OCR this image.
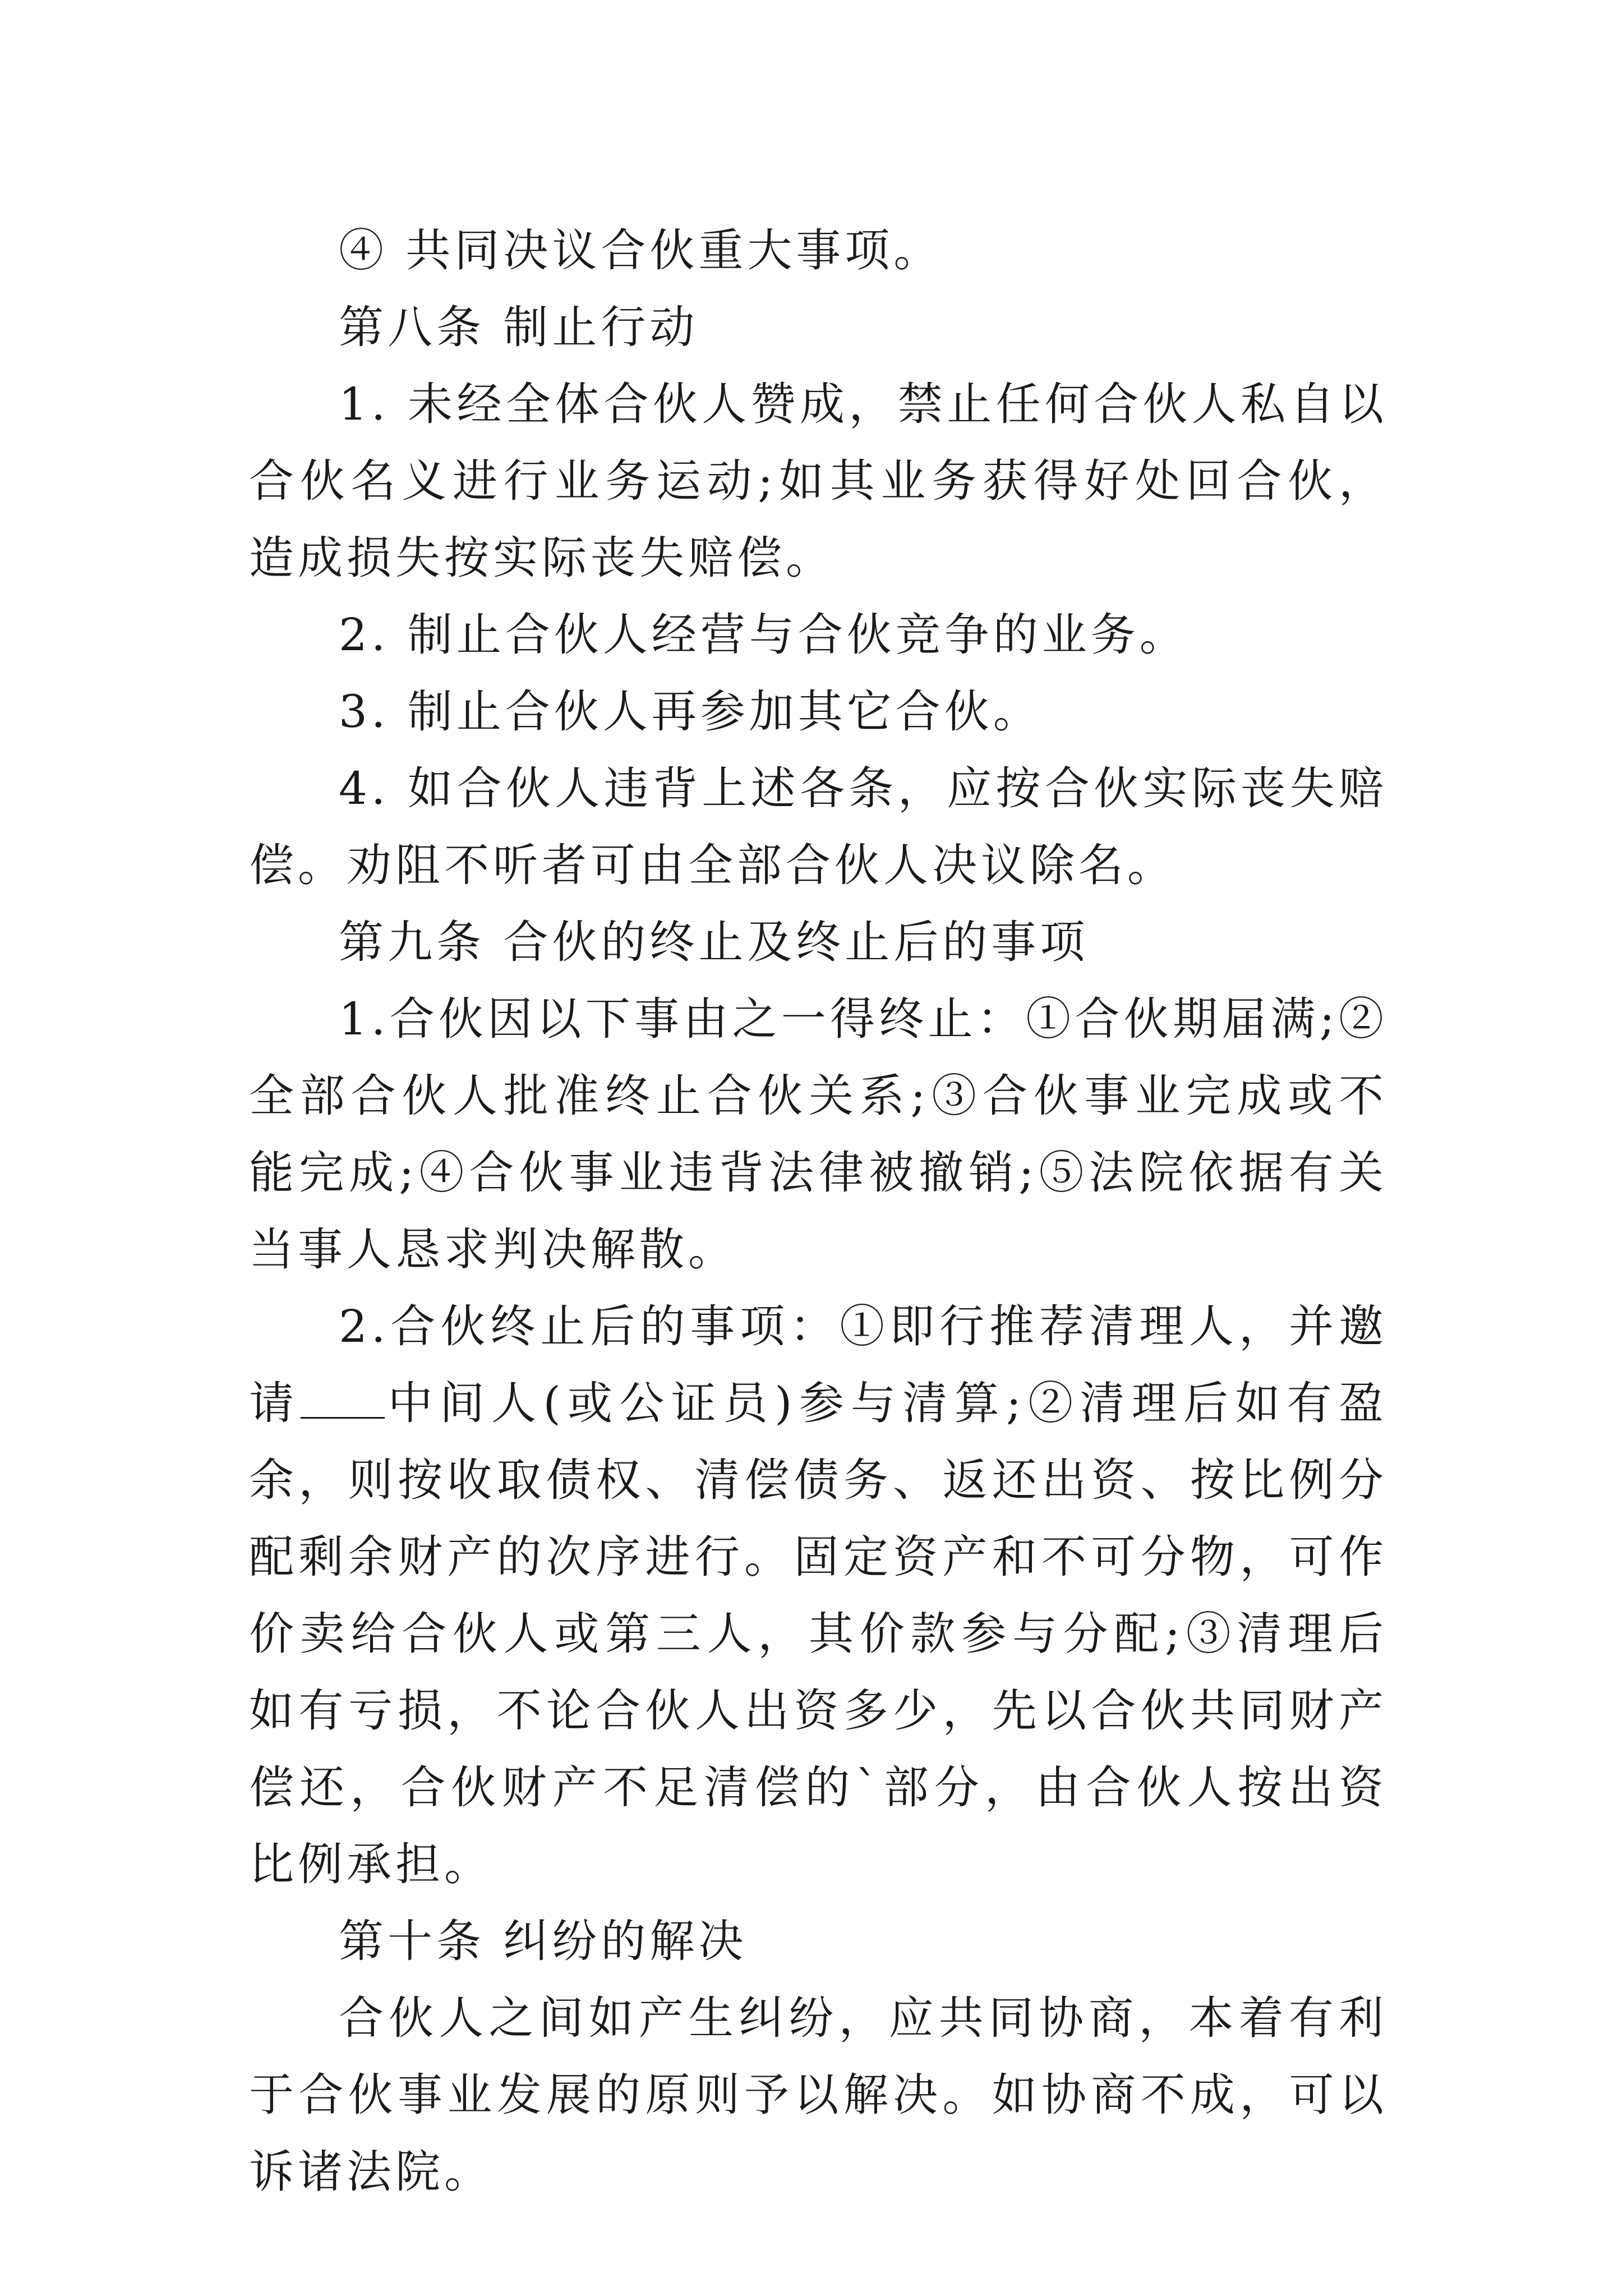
④ 共同决议合伙重大事项。

第八条 制止行动

1. 未经全体合伙人赞成，禁止任何合伙人私自以合伙名义进行业务运动;如其业务获得好处回合伙，造成损失按实际丧失赔偿。

2. 制止合伙人经营与合伙竞争的业务。

3. 制止合伙人再参加其它合伙。

4. 如合伙人违背上述各条，应按合伙实际丧失赔偿。劝阻不听者可由全部合伙人决议除名。

第九条 合伙的终止及终止后的事项

1.合伙因以下事由之一得终止：①合伙期届满;②全部合伙人批准终止合伙关系;③合伙事业完成或不能完成;④合伙事业违背法律被撤销;⑤法院依据有关当事人恳求判决解散。

2.合伙终止后的事项：①即行推荐清理人，并邀请 中间人(或公证员)参与清算;②清理后如有盈余，则按收取债权、清偿债务、返还出资、按比例分配剩余财产的次序进行。固定资产和不可分物，可作价卖给合伙人或第三人，其价款参与分配;③清理后如有亏损，不论合伙人出资多少，先以合伙共同财产偿还，合伙财产不足清偿的`部分，由合伙人按出资比例承担。

第十条 纠纷的解决

合伙人之间如产生纠纷，应共同协商，本着有利于合伙事业发展的原则予以解决。如协商不成，可以诉诸法院。
